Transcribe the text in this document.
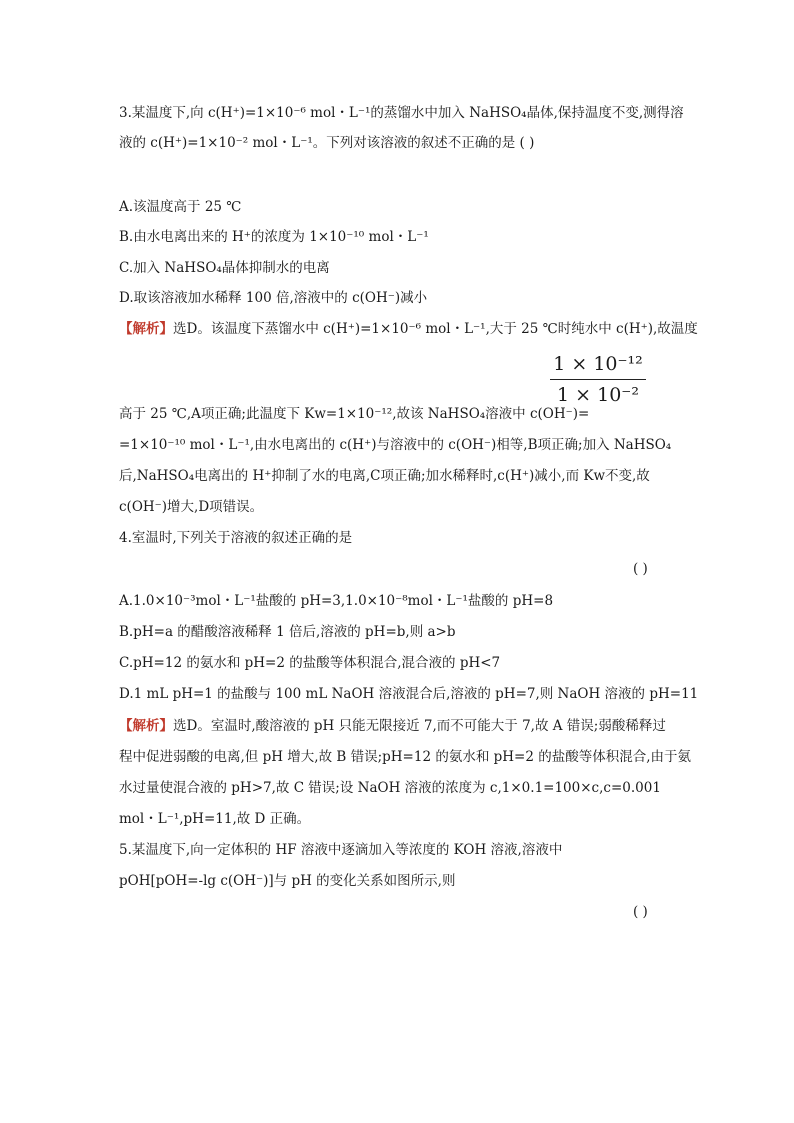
3.某温度下,向 c(H⁺)=1×10⁻⁶ mol・L⁻¹的蒸馏水中加入 NaHSO₄晶体,保持温度不变,测得溶
液的 c(H⁺)=1×10⁻² mol・L⁻¹。下列对该溶液的叙述不正确的是 ( )
A.该温度高于 25 ℃
B.由水电离出来的 H⁺的浓度为 1×10⁻¹⁰ mol・L⁻¹
C.加入 NaHSO₄晶体抑制水的电离
D.取该溶液加水稀释 100 倍,溶液中的 c(OH⁻)减小
【解析】选D。该温度下蒸馏水中 c(H⁺)=1×10⁻⁶ mol・L⁻¹,大于 25 ℃时纯水中 c(H⁺),故温度
1 × 10⁻¹²
1 × 10⁻²
高于 25 ℃,A项正确;此温度下 Kw=1×10⁻¹²,故该 NaHSO₄溶液中 c(OH⁻)=
=1×10⁻¹⁰ mol・L⁻¹,由水电离出的 c(H⁺)与溶液中的 c(OH⁻)相等,B项正确;加入 NaHSO₄
后,NaHSO₄电离出的 H⁺抑制了水的电离,C项正确;加水稀释时,c(H⁺)减小,而 Kw不变,故
c(OH⁻)增大,D项错误。
4.室温时,下列关于溶液的叙述正确的是
( )
A.1.0×10⁻³mol・L⁻¹盐酸的 pH=3,1.0×10⁻⁸mol・L⁻¹盐酸的 pH=8
B.pH=a 的醋酸溶液稀释 1 倍后,溶液的 pH=b,则 a>b
C.pH=12 的氨水和 pH=2 的盐酸等体积混合,混合液的 pH<7
D.1 mL pH=1 的盐酸与 100 mL NaOH 溶液混合后,溶液的 pH=7,则 NaOH 溶液的 pH=11
【解析】选D。室温时,酸溶液的 pH 只能无限接近 7,而不可能大于 7,故 A 错误;弱酸稀释过
程中促进弱酸的电离,但 pH 增大,故 B 错误;pH=12 的氨水和 pH=2 的盐酸等体积混合,由于氨
水过量使混合液的 pH>7,故 C 错误;设 NaOH 溶液的浓度为 c,1×0.1=100×c,c=0.001
mol・L⁻¹,pH=11,故 D 正确。
5.某温度下,向一定体积的 HF 溶液中逐滴加入等浓度的 KOH 溶液,溶液中
pOH[pOH=-lg c(OH⁻)]与 pH 的变化关系如图所示,则
( )
